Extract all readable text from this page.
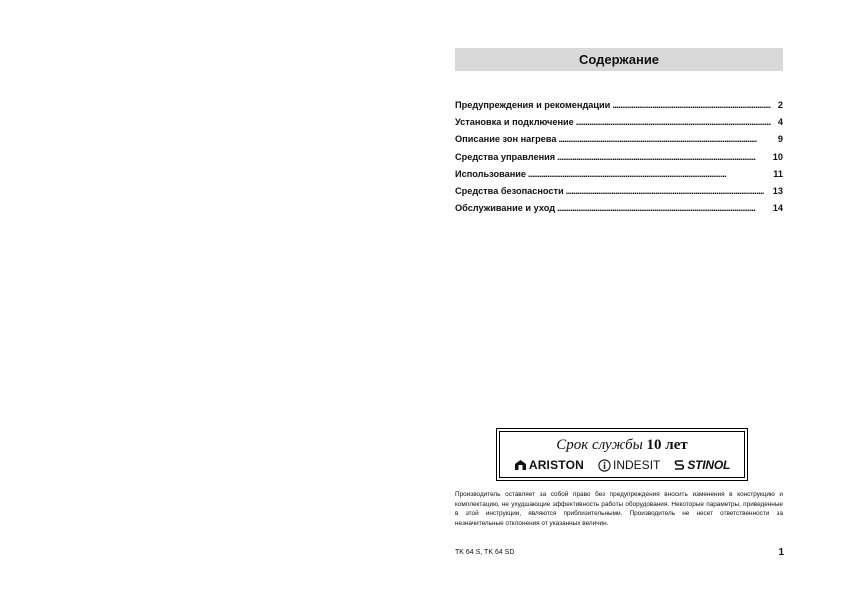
Содержание
Предупреждения и рекомендации . . .	2
Установка и подключение . . .	4
Описание зон нагрева . . .	9
Средства управления . . .	10
Использование . . .	11
Средства безопасности . . .	13
Обслуживание и уход . . .	14
Срок службы 10 лет
ARISTON INDESIT STINOL
Производитель оставляет за собой право без предупреждения вносить изменения в конструкцию и комплектацию, не ухудшающие эффективность работы оборудования. Некоторые параметры, приведенные в этой инструкции, являются приблизительными. Производитель не несет ответственности за незначительные отклонения от указанных величин.
TK 64 S, TK 64 SD	1
